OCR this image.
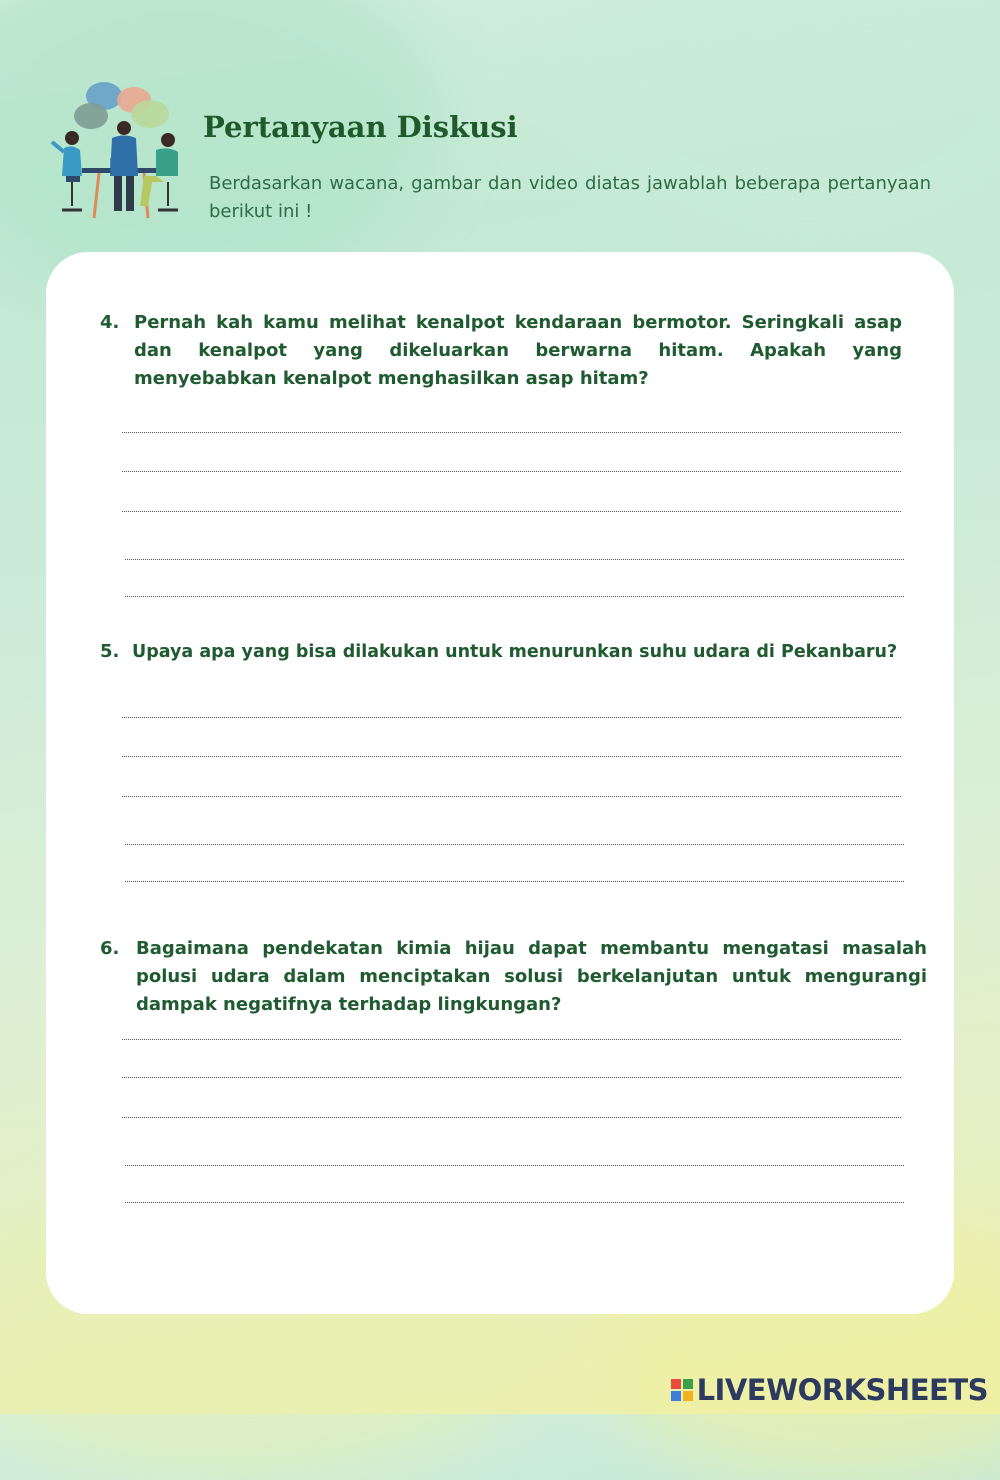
Pertanyaan Diskusi

Berdasarkan wacana, gambar dan video diatas jawablah beberapa pertanyaan berikut ini !

4. Pernah kah kamu melihat kenalpot kendaraan bermotor. Seringkali asap dan kenalpot yang dikeluarkan berwarna hitam. Apakah yang menyebabkan kenalpot menghasilkan asap hitam?
5. Upaya apa yang bisa dilakukan untuk menurunkan suhu udara di Pekanbaru?
6. Bagaimana pendekatan kimia hijau dapat membantu mengatasi masalah polusi udara dalam menciptakan solusi berkelanjutan untuk mengurangi dampak negatifnya terhadap lingkungan?
LIVEWORKSHEETS
